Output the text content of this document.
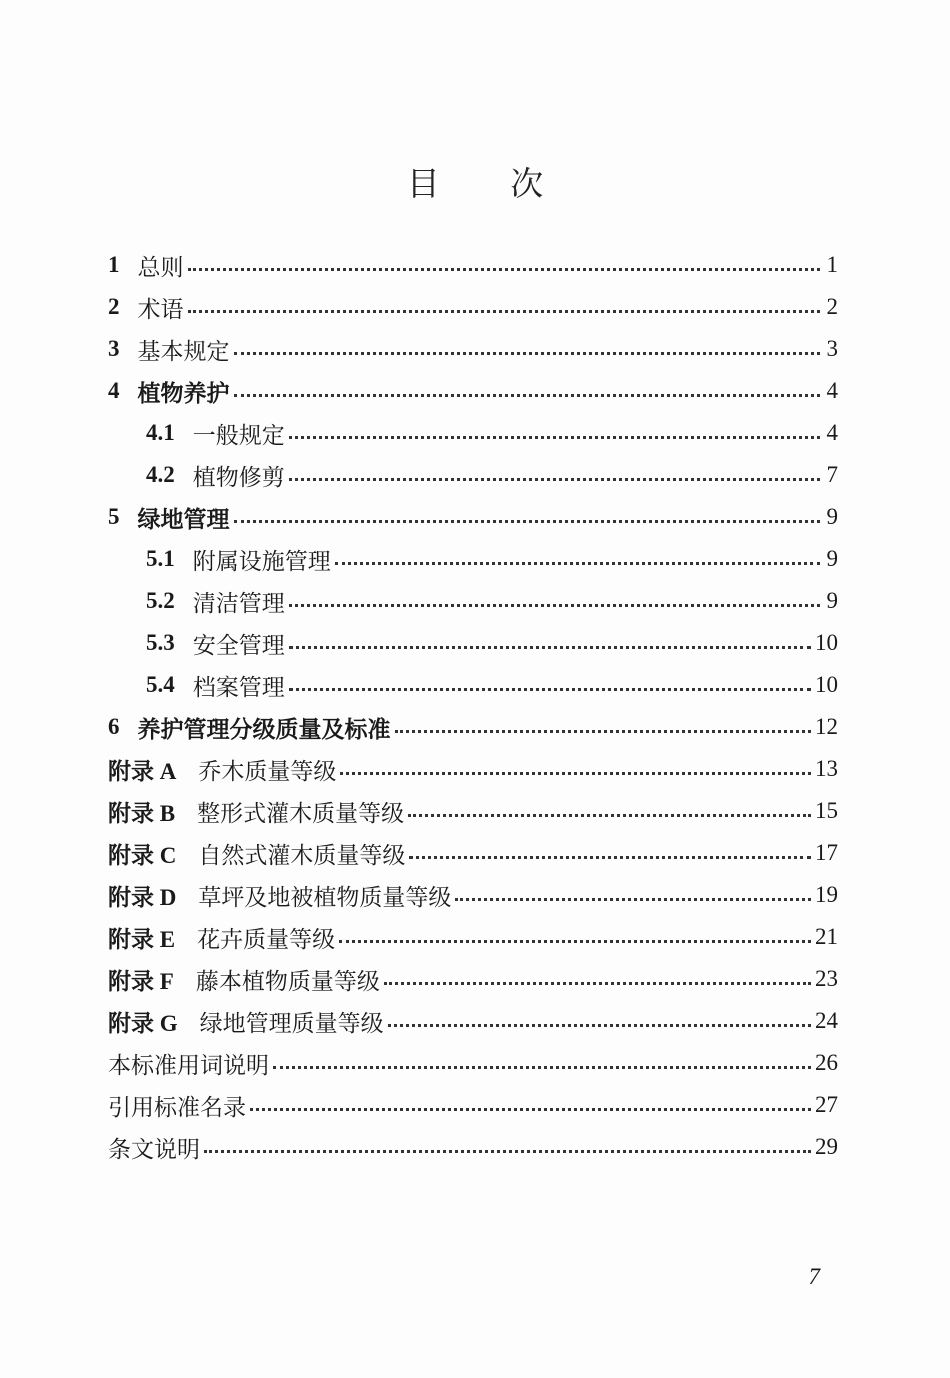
目 次
1 总则	1
2 术语	2
3 基本规定	3
4 植物养护	4
4.1 一般规定	4
4.2 植物修剪	7
5 绿地管理	9
5.1 附属设施管理	9
5.2 清洁管理	9
5.3 安全管理	10
5.4 档案管理	10
6 养护管理分级质量及标准	12
附录 A 乔木质量等级	13
附录 B 整形式灌木质量等级	15
附录 C 自然式灌木质量等级	17
附录 D 草坪及地被植物质量等级	19
附录 E 花卉质量等级	21
附录 F 藤本植物质量等级	23
附录 G 绿地管理质量等级	24
本标准用词说明	26
引用标准名录	27
条文说明	29
7
